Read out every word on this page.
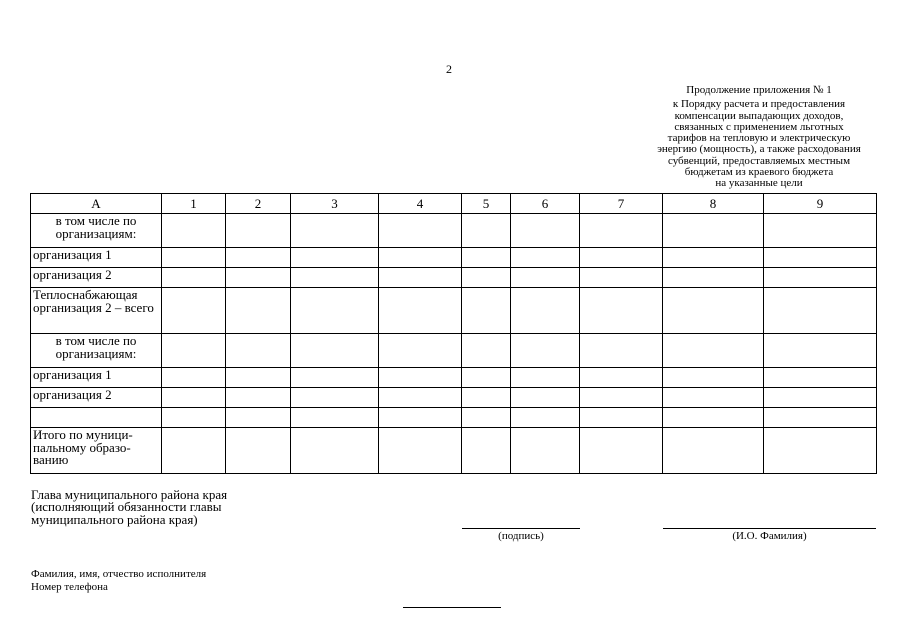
2
Продолжение приложения № 1
к Порядку расчета и предоставления
компенсации выпадающих доходов,
связанных с применением льготных
тарифов на тепловую и электрическую
энергию (мощность), а также расходования
субвенций, предоставляемых местным
бюджетам из краевого бюджета
на указанные цели
А	1	2	3	4	5	6	7	8	9
в том числе по организациям:									
организация 1									
организация 2									
Теплоснабжающая организация 2 – всего									
в том числе по организациям:									
организация 1									
организация 2									

Итого по муници-пальному образо-ванию									
Глава муниципального района края
(исполняющий обязанности главы
муниципального района края)
(подпись)	(И.О. Фамилия)
Фамилия, имя, отчество исполнителя
Номер телефона
